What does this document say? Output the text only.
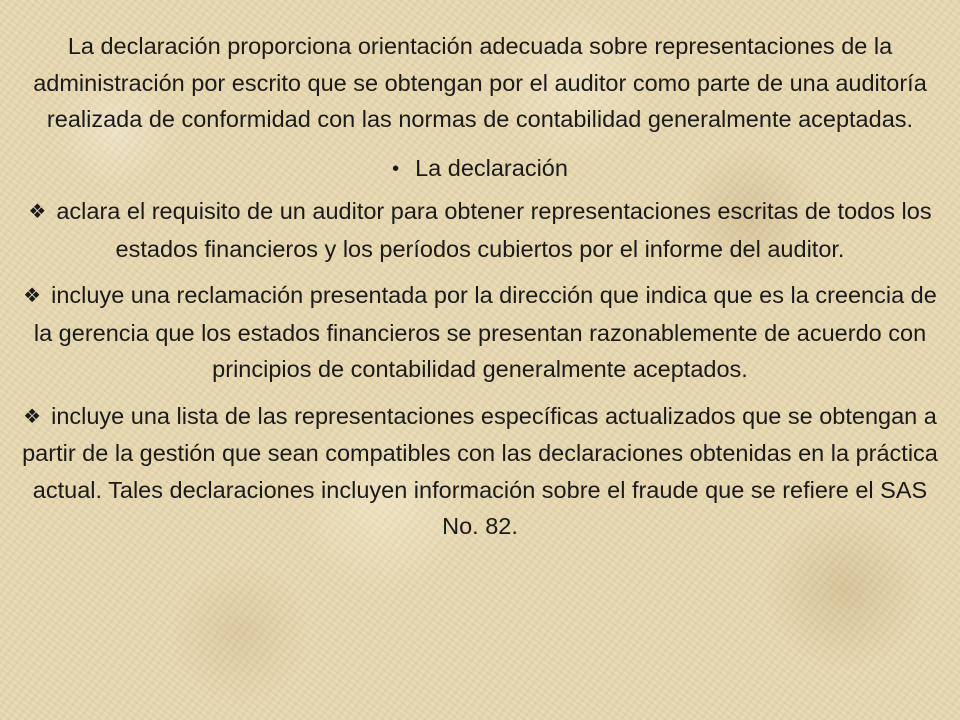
La declaración proporciona orientación adecuada sobre representaciones de la administración por escrito que se obtengan por el auditor como parte de una auditoría realizada de conformidad con las normas de contabilidad generalmente aceptadas.

• La declaración

❖ aclara el requisito de un auditor para obtener representaciones escritas de todos los estados financieros y los períodos cubiertos por el informe del auditor.

❖ incluye una reclamación presentada por la dirección que indica que es la creencia de la gerencia que los estados financieros se presentan razonablemente de acuerdo con principios de contabilidad generalmente aceptados.

❖ incluye una lista de las representaciones específicas actualizados que se obtengan a partir de la gestión que sean compatibles con las declaraciones obtenidas en la práctica actual. Tales declaraciones incluyen información sobre el fraude que se refiere el SAS No. 82.
